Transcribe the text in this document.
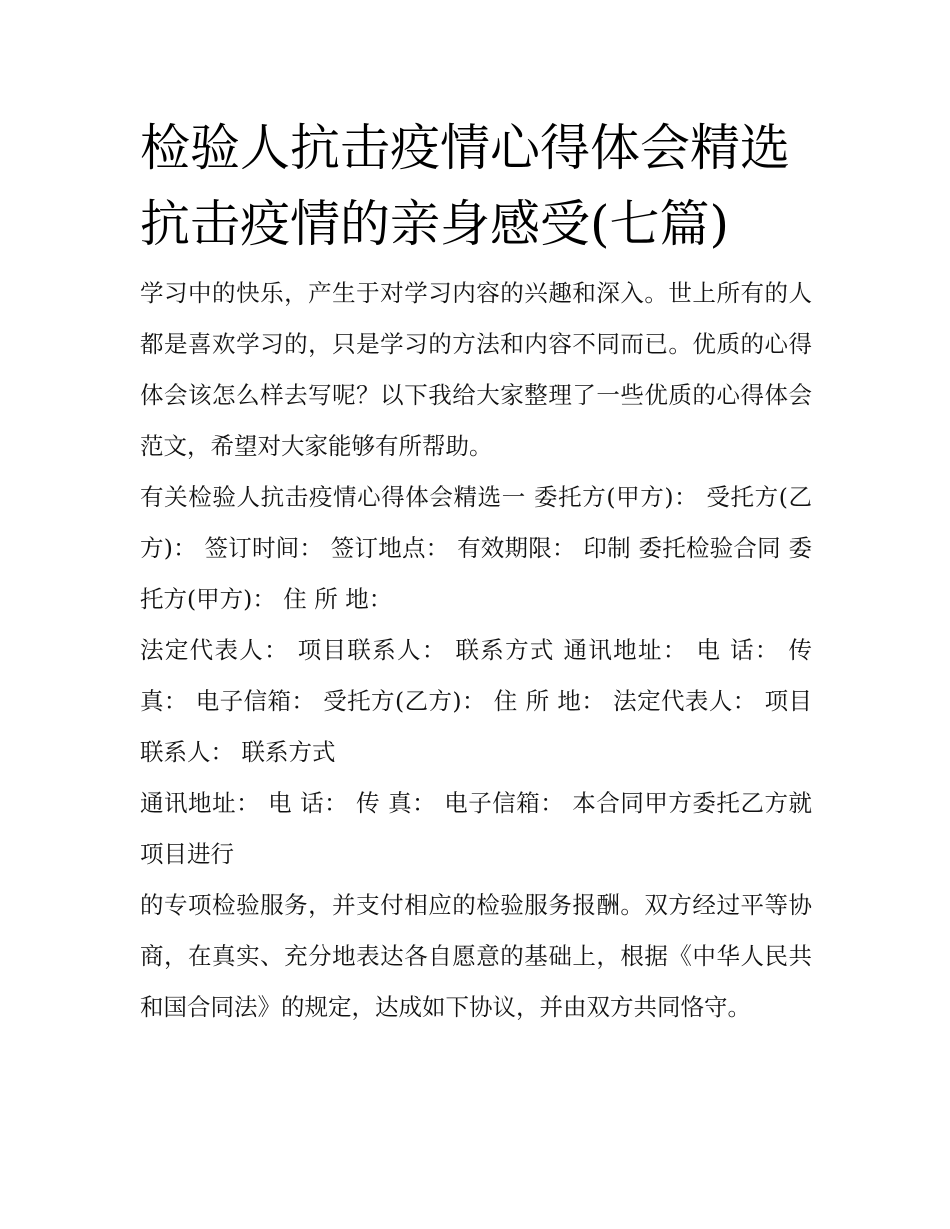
检验人抗击疫情心得体会精选
抗击疫情的亲身感受(七篇)

学习中的快乐，产生于对学习内容的兴趣和深入。世上所有的人都是喜欢学习的，只是学习的方法和内容不同而已。优质的心得体会该怎么样去写呢？以下我给大家整理了一些优质的心得体会范文，希望对大家能够有所帮助。

有关检验人抗击疫情心得体会精选一 委托方(甲方)： 受托方(乙方)： 签订时间： 签订地点： 有效期限： 印制 委托检验合同 委托方(甲方)： 住 所 地：

法定代表人： 项目联系人： 联系方式 通讯地址： 电 话： 传 真： 电子信箱： 受托方(乙方)： 住 所 地： 法定代表人： 项目联系人： 联系方式

通讯地址： 电 话： 传 真： 电子信箱： 本合同甲方委托乙方就 项目进行

的专项检验服务，并支付相应的检验服务报酬。双方经过平等协商，在真实、充分地表达各自愿意的基础上，根据《中华人民共和国合同法》的规定，达成如下协议，并由双方共同恪守。
